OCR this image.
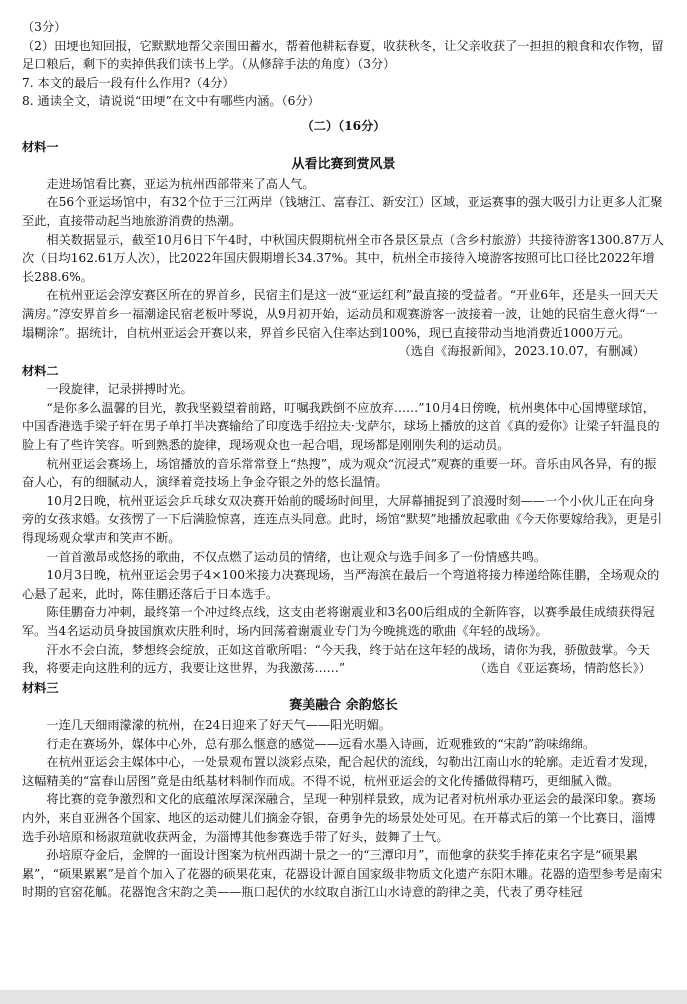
（3分）

（2）田埂也知回报，它默默地帮父亲围田蓄水，帮着他耕耘春夏，收获秋冬，让父亲收获了一担担的粮食和农作物，留足口粮后，剩下的卖掉供我们读书上学。（从修辞手法的角度）（3分）

7. 本文的最后一段有什么作用?（4分）

8. 通读全文，请说说“田埂”在文中有哪些内涵。（6分）

（二）（16分）

材料一

从看比赛到赏风景

走进场馆看比赛，亚运为杭州西部带来了高人气。

在56个亚运场馆中，有32个位于三江两岸（钱塘江、富春江、新安江）区域，亚运赛事的强大吸引力让更多人汇聚至此，直接带动起当地旅游消费的热潮。

相关数据显示，截至10月6日下午4时，中秋国庆假期杭州全市各景区景点（含乡村旅游）共接待游客1300.87万人次（日均162.61万人次），比2022年国庆假期增长34.37%。其中，杭州全市接待入境游客按照可比口径比2022年增长288.6%。

在杭州亚运会淳安赛区所在的界首乡，民宿主们是这一波“亚运红利”最直接的受益者。“开业6年，还是头一回天天满房。”淳安界首乡一福潮途民宿老板叶琴说，从9月初开始，运动员和观赛游客一波接着一波，让她的民宿生意火得“一塌糊涂”。据统计，自杭州亚运会开赛以来，界首乡民宿入住率达到100%，现已直接带动当地消费近1000万元。

（选自《海报新闻》，2023.10.07，有删减）

材料二

一段旋律，记录拼搏时光。

“是你多么温馨的目光，教我坚毅望着前路，叮嘱我跌倒不应放弃……”10月4日傍晚，杭州奥体中心国博壁球馆，中国香港选手梁子轩在男子单打半决赛输给了印度选手绍拉夫·戈萨尔，球场上播放的这首《真的爱你》让梁子轩温良的脸上有了些许笑容。听到熟悉的旋律，现场观众也一起合唱，现场都是刚刚失利的运动员。

杭州亚运会赛场上，场馆播放的音乐常常登上“热搜”，成为观众“沉浸式”观赛的重要一环。音乐由风各异，有的振奋人心，有的细腻动人，演绎着竞技场上争金夺银之外的悠长温情。

10月2日晚，杭州亚运会乒乓球女双决赛开始前的暖场时间里，大屏幕捕捉到了浪漫时刻——一个小伙儿正在向身旁的女孩求婚。女孩愣了一下后满脸惊喜，连连点头同意。此时，场馆“默契”地播放起歌曲《今天你要嫁给我》，更是引得现场观众掌声和笑声不断。

一首首激昂或悠扬的歌曲，不仅点燃了运动员的情绪，也让观众与选手间多了一份情感共鸣。

10月3日晚，杭州亚运会男子4×100米接力决赛现场，当严海滨在最后一个弯道将接力棒递给陈佳鹏，全场观众的心悬了起来，此时，陈佳鹏还落后于日本选手。

陈佳鹏奋力冲刺，最终第一个冲过终点线，这支由老将谢震业和3名00后组成的全新阵容，以赛季最佳成绩获得冠军。当4名运动员身披国旗欢庆胜利时，场内回荡着谢震业专门为今晚挑选的歌曲《年轻的战场》。

汗水不会白流，梦想终会绽放，正如这首歌所唱：“今天我，终于站在这年轻的战场，请你为我，骄傲鼓掌。今天我，将要走向这胜利的远方，我要让这世界，为我激荡……”	（选自《亚运赛场，情韵悠长》）

材料三

赛美融合 余韵悠长

一连几天细雨濛濛的杭州，在24日迎来了好天气——阳光明媚。

行走在赛场外，媒体中心外，总有那么惬意的感觉——远看水墨入诗画，近观雅致的“宋韵”韵味绵绵。

在杭州亚运会主媒体中心，一处景观布置以淡彩点染，配合起伏的流线，勾勒出江南山水的轮廓。走近看才发现，这幅精美的“富春山居图”竟是由纸基材料制作而成。不得不说，杭州亚运会的文化传播做得精巧，更细腻入微。

将比赛的竞争激烈和文化的底蕴浓厚深深融合，呈现一种别样景致，成为记者对杭州承办亚运会的最深印象。赛场内外，来自亚洲各个国家、地区的运动健儿们摘金夺银，奋勇争先的场景处处可见。在开幕式后的第一个比赛日，淄博选手孙培原和杨淑瑄就收获两金，为淄博其他参赛选手带了好头，鼓舞了士气。

孙培原夺金后，金牌的一面设计图案为杭州西湖十景之一的“三潭印月”，而他拿的获奖手捧花束名字是“硕果累累”，“硕果累累”是首个加入了花器的硕果花束，花器设计源自国家级非物质文化遗产东阳木雕。花器的造型参考是南宋时期的官窑花觚。花器饱含宋韵之美——瓶口起伏的水纹取自浙江山水诗意的韵律之美，代表了勇夺桂冠
